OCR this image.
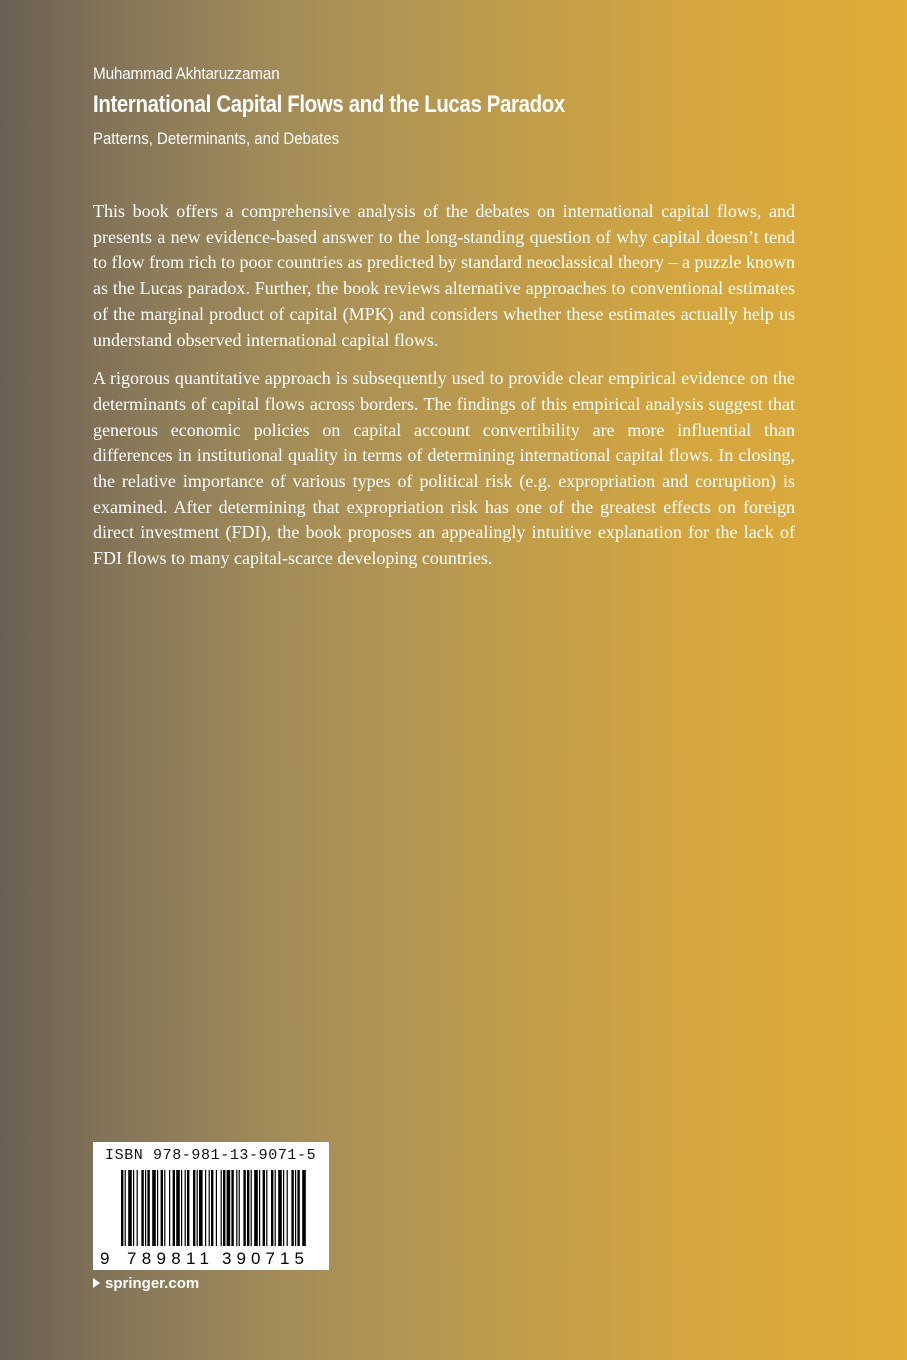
Muhammad Akhtaruzzaman
International Capital Flows and the Lucas Paradox
Patterns, Determinants, and Debates

This book offers a comprehensive analysis of the debates on international capital flows, and presents a new evidence-based answer to the long-standing question of why capital doesn’t tend to flow from rich to poor countries as predicted by standard neoclassical theory – a puzzle known as the Lucas paradox. Further, the book reviews alternative approaches to conventional estimates of the marginal product of capital (MPK) and considers whether these estimates actually help us understand observed international capital flows.

A rigorous quantitative approach is subsequently used to provide clear empirical evidence on the determinants of capital flows across borders. The findings of this empirical analysis suggest that generous economic policies on capital account convertibility are more influential than differences in institutional quality in terms of determining international capital flows. In closing, the relative importance of various types of political risk (e.g. expropriation and corruption) is examined. After determining that expropriation risk has one of the greatest effects on foreign direct investment (FDI), the book proposes an appealingly intuitive explanation for the lack of FDI flows to many capital-scarce developing countries.

ISBN 978-981-13-9071-5
9 789811 390715
springer.com
